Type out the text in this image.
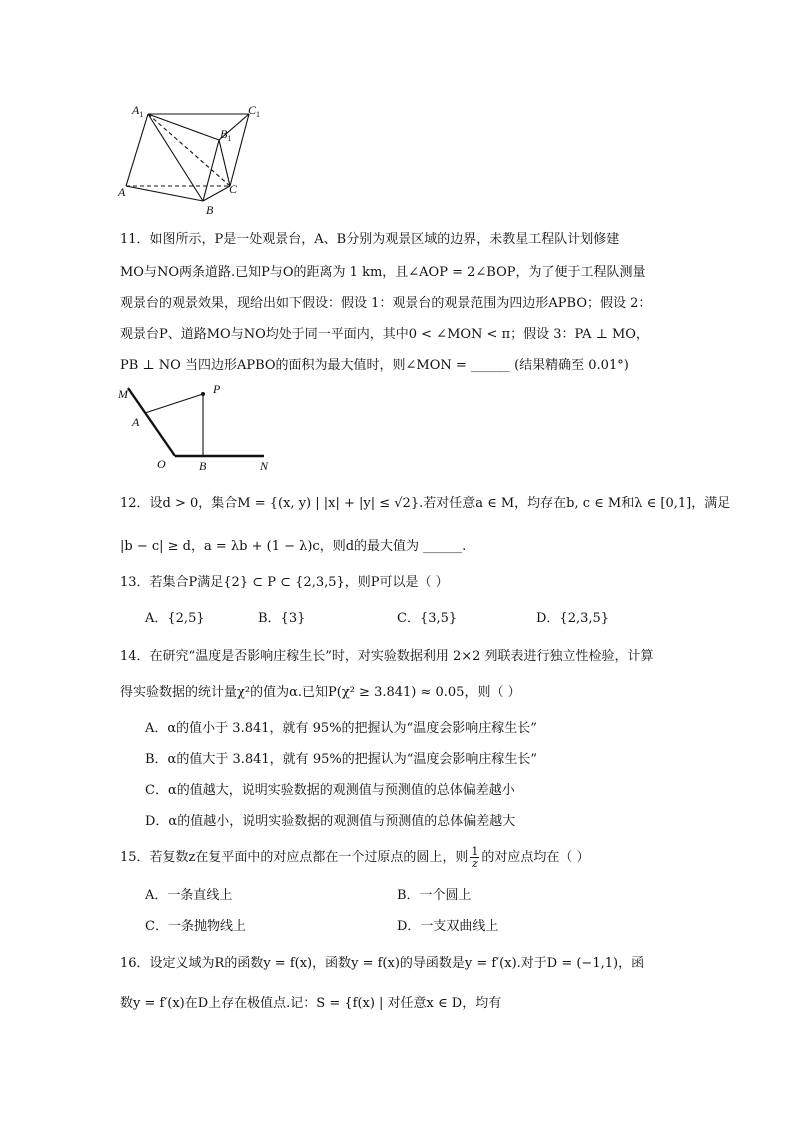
$A_1$	$C_1$
$B_1$
A
B
C
11．如图所示，P是一处观景台，A、B分别为观景区域的边界，未教星工程队计划修建
MO与NO两条道路.已知P与O的距离为 1 km，且∠AOP = 2∠BOP，为了便于工程队测量
观景台的观景效果，现给出如下假设：假设 1：观景台的观景范围为四边形APBO；假设 2：
观景台P、道路MO与NO均处于同一平面内，其中0 < ∠MON < π；假设 3：PA ⊥ MO，
PB ⊥ NO 当四边形APBO的面积为最大值时，则∠MON = ______ (结果精确至 0.01°)
M	P
A
O	B	N
12．设d > 0，集合M = {(x, y) | |x| + |y| ≤ √2}.若对任意a ∈ M，均存在b, c ∈ M和λ ∈ [0,1]，满足
|b − c| ≥ d，a = λb + (1 − λ)c，则d的最大值为 ______.
13．若集合P满足{2} ⊂ P ⊂ {2,3,5}，则P可以是（ ）
A．{2,5}	B．{3}	C．{3,5}	D．{2,3,5}
14．在研究“温度是否影响庄稼生长”时，对实验数据利用 2×2 列联表进行独立性检验，计算
得实验数据的统计量χ²的值为α.已知P(χ² ≥ 3.841) ≈ 0.05，则（ ）
A．α的值小于 3.841，就有 95%的把握认为“温度会影响庄稼生长”
B．α的值大于 3.841，就有 95%的把握认为“温度会影响庄稼生长”
C．α的值越大，说明实验数据的观测值与预测值的总体偏差越小
D．α的值越小，说明实验数据的观测值与预测值的总体偏差越大
15．若复数z在复平面中的对应点都在一个过原点的圆上，则 $\frac{1}{z}$ 的对应点均在（ ）
A．一条直线上	B．一个圆上
C．一条抛物线上	D．一支双曲线上
16．设定义域为R的函数y = f(x)，函数y = f(x)的导函数是y = f′(x).对于D = (−1,1)，函
数y = f′(x)在D上存在极值点.记：S = {f(x) | 对任意x ∈ D，均有
